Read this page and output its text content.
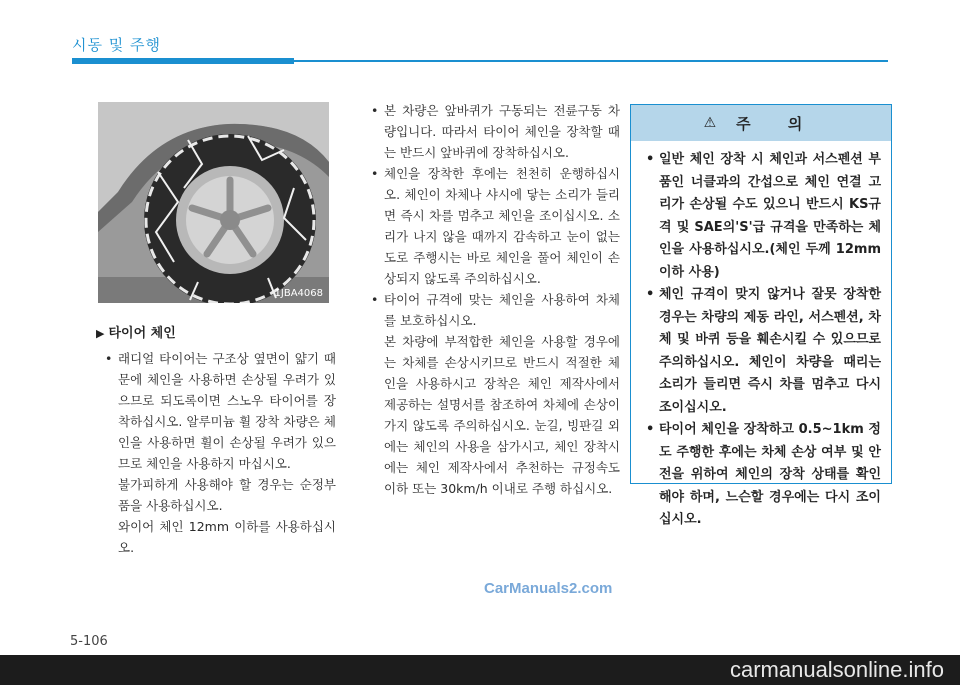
시동 및 주행
1JBA4068
▶ 타이어 체인
• 래디얼 타이어는 구조상 옆면이 얇기 때문에 체인을 사용하면 손상될 우려가 있으므로 되도록이면 스노우 타이어를 장착하십시오. 알루미늄 휠 장착 차량은 체인을 사용하면 휠이 손상될 우려가 있으므로 체인을 사용하지 마십시오.
불가피하게 사용해야 할 경우는 순정부품을 사용하십시오.
와이어 체인 12mm 이하를 사용하십시오.
• 본 차량은 앞바퀴가 구동되는 전륜구동 차량입니다. 따라서 타이어 체인을 장착할 때는 반드시 앞바퀴에 장착하십시오.
• 체인을 장착한 후에는 천천히 운행하십시오. 체인이 차체나 샤시에 닿는 소리가 들리면 즉시 차를 멈추고 체인을 조이십시오. 소리가 나지 않을 때까지 감속하고 눈이 없는 도로 주행시는 바로 체인을 풀어 체인이 손상되지 않도록 주의하십시오.
• 타이어 규격에 맞는 체인을 사용하여 차체를 보호하십시오.
본 차량에 부적합한 체인을 사용할 경우에는 차체를 손상시키므로 반드시 적절한 체인을 사용하시고 장착은 체인 제작사에서 제공하는 설명서를 참조하여 차체에 손상이 가지 않도록 주의하십시오. 눈길, 빙판길 외에는 체인의 사용을 삼가시고, 체인 장착시에는 체인 제작사에서 추천하는 규정속도 이하 또는 30km/h 이내로 주행 하십시오.
⚠ 주 의
• 일반 체인 장착 시 체인과 서스펜션 부품인 너클과의 간섭으로 체인 연결 고리가 손상될 수도 있으니 반드시 KS규격 및 SAE의'S'급 규격을 만족하는 체인을 사용하십시오.(체인 두께 12mm 이하 사용)
• 체인 규격이 맞지 않거나 잘못 장착한 경우는 차량의 제동 라인, 서스펜션, 차체 및 바퀴 등을 훼손시킬 수 있으므로 주의하십시오. 체인이 차량을 때리는 소리가 들리면 즉시 차를 멈추고 다시 조이십시오.
• 타이어 체인을 장착하고 0.5~1km 정도 주행한 후에는 차체 손상 여부 및 안전을 위하여 체인의 장착 상태를 확인해야 하며, 느슨할 경우에는 다시 조이십시오.
CarManuals2.com
5-106
carmanualsonline.info
